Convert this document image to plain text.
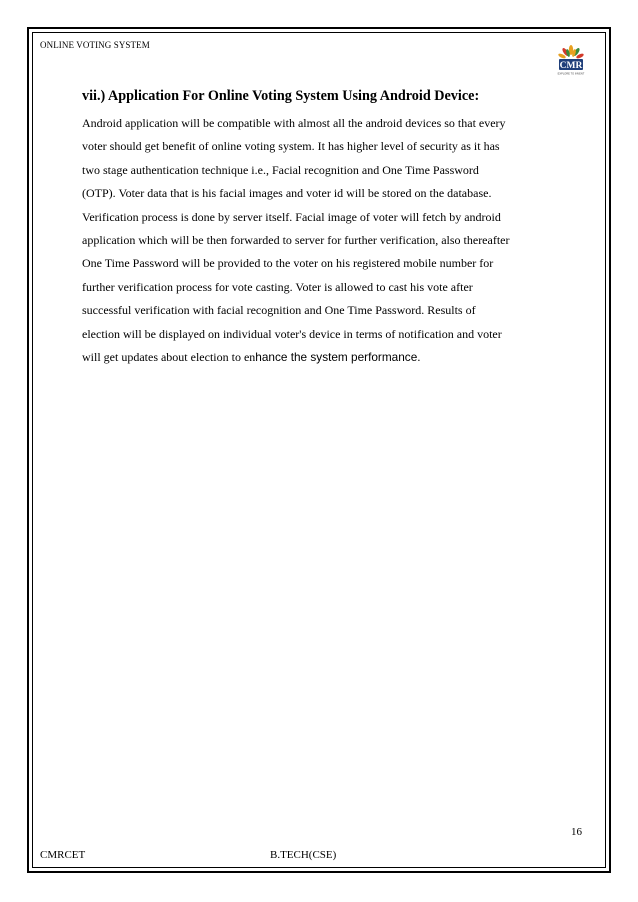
ONLINE VOTING SYSTEM
CMR
EXPLORE TO INVENT
vii.) Application For Online Voting System Using Android Device:
Android application will be compatible with almost all the android devices so that every
voter should get benefit of online voting system. It has higher level of security as it has
two stage authentication technique i.e., Facial recognition and One Time Password
(OTP). Voter data that is his facial images and voter id will be stored on the database.
Verification process is done by server itself. Facial image of voter will fetch by android
application which will be then forwarded to server for further verification, also thereafter
One Time Password will be provided to the voter on his registered mobile number for
further verification process for vote casting. Voter is allowed to cast his vote after
successful verification with facial recognition and One Time Password. Results of
election will be displayed on individual voter's device in terms of notification and voter
will get updates about election to enhance the system performance.
16
CMRCET	B.TECH(CSE)
